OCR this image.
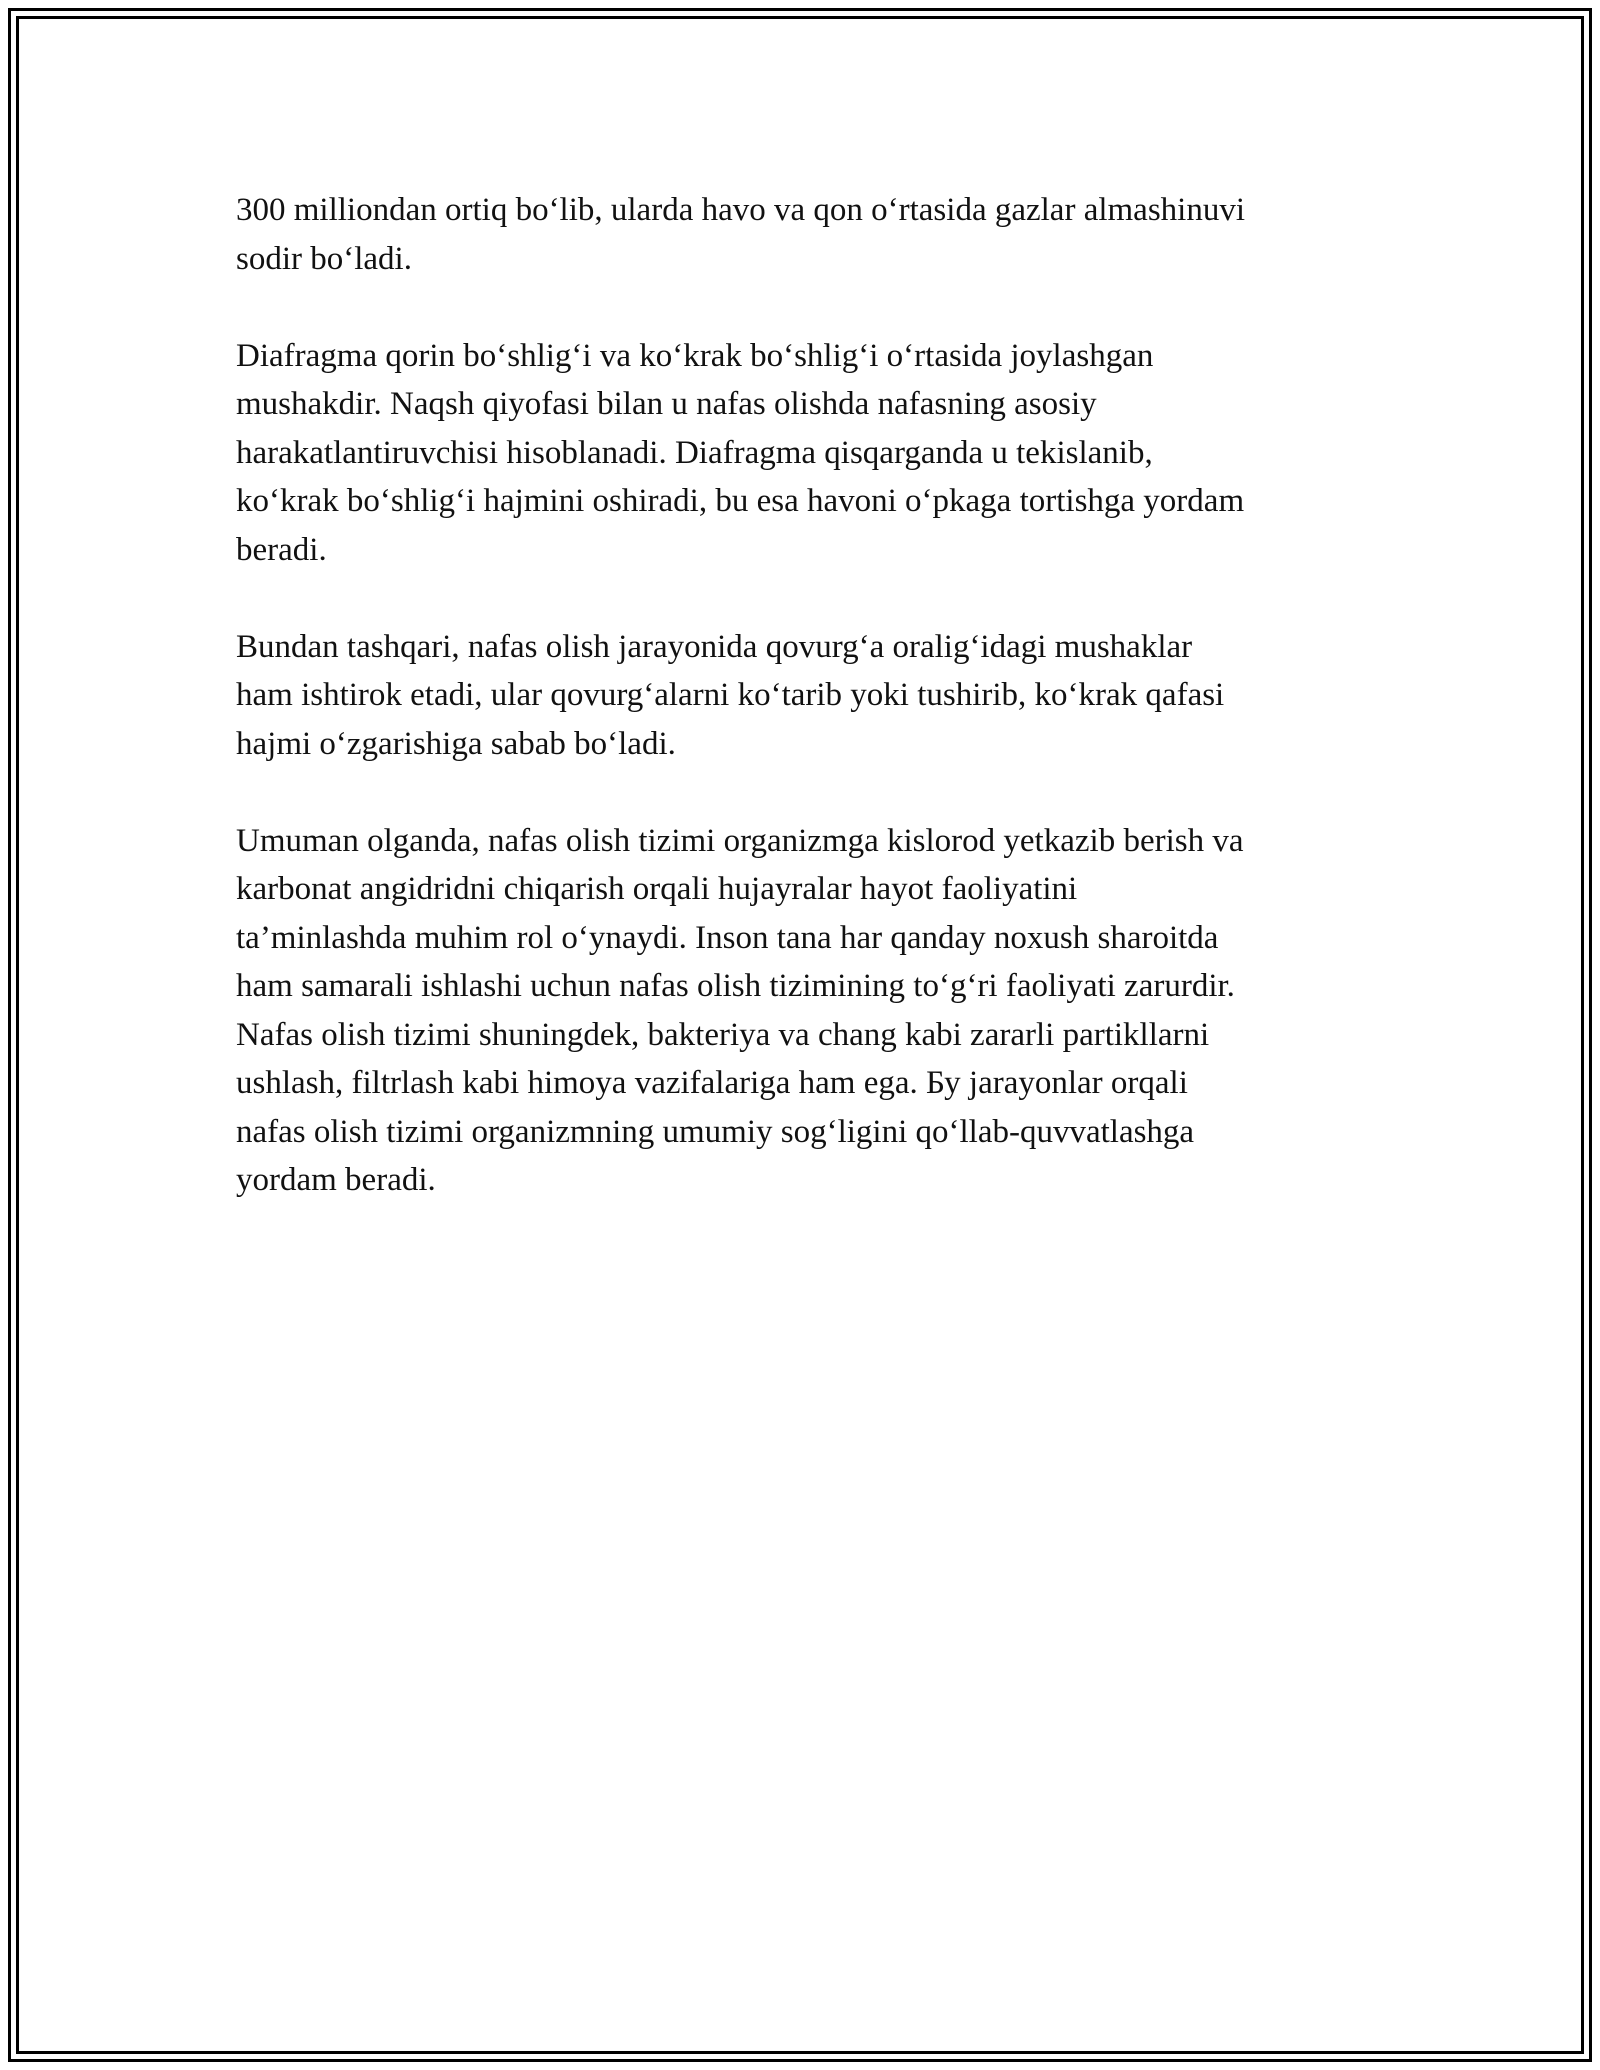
300 milliondan ortiq bo‘lib, ularda havo va qon o‘rtasida gazlar almashinuvi
sodir bo‘ladi.

Diafragma qorin bo‘shlig‘i va ko‘krak bo‘shlig‘i o‘rtasida joylashgan
mushakdir. Naqsh qiyofasi bilan u nafas olishda nafasning asosiy
harakatlantiruvchisi hisoblanadi. Diafragma qisqarganda u tekislanib,
ko‘krak bo‘shlig‘i hajmini oshiradi, bu esa havoni o‘pkaga tortishga yordam
beradi.

Bundan tashqari, nafas olish jarayonida qovurg‘a oralig‘idagi mushaklar
ham ishtirok etadi, ular qovurg‘alarni ko‘tarib yoki tushirib, ko‘krak qafasi
hajmi o‘zgarishiga sabab bo‘ladi.

Umuman olganda, nafas olish tizimi organizmga kislorod yetkazib berish va
karbonat angidridni chiqarish orqali hujayralar hayot faoliyatini
ta’minlashda muhim rol o‘ynaydi. Inson tana har qanday noxush sharoitda
ham samarali ishlashi uchun nafas olish tizimining to‘g‘ri faoliyati zarurdir.
Nafas olish tizimi shuningdek, bakteriya va chang kabi zararli partikllarni
ushlash, filtrlash kabi himoya vazifalariga ham ega. Бу jarayonlar orqali
nafas olish tizimi organizmning umumiy sog‘ligini qo‘llab-quvvatlashga
yordam beradi.
